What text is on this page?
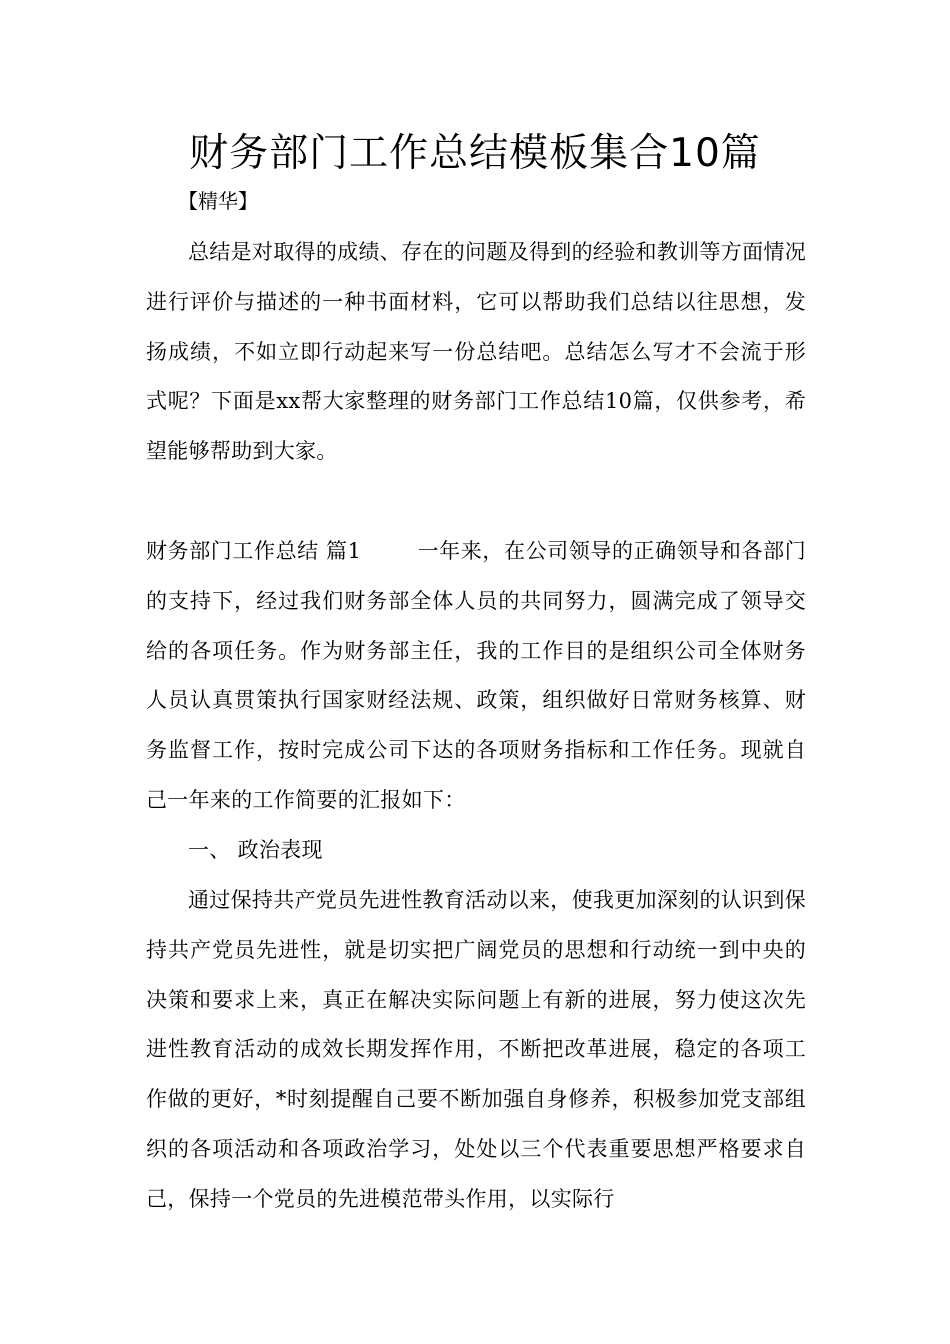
财务部门工作总结模板集合10篇
【精华】

总结是对取得的成绩、存在的问题及得到的经验和教训等方面情况进行评价与描述的一种书面材料，它可以帮助我们总结以往思想，发扬成绩，不如立即行动起来写一份总结吧。总结怎么写才不会流于形式呢？下面是xx帮大家整理的财务部门工作总结10篇，仅供参考，希望能够帮助到大家。

财务部门工作总结 篇1	一年来，在公司领导的正确领导和各部门的支持下，经过我们财务部全体人员的共同努力，圆满完成了领导交给的各项任务。作为财务部主任，我的工作目的是组织公司全体财务人员认真贯策执行国家财经法规、政策，组织做好日常财务核算、财务监督工作，按时完成公司下达的各项财务指标和工作任务。现就自己一年来的工作简要的汇报如下：

一、 政治表现

通过保持共产党员先进性教育活动以来，使我更加深刻的认识到保持共产党员先进性，就是切实把广阔党员的思想和行动统一到中央的决策和要求上来，真正在解决实际问题上有新的进展，努力使这次先进性教育活动的成效长期发挥作用，不断把改革进展，稳定的各项工作做的更好，*时刻提醒自己要不断加强自身修养，积极参加党支部组织的各项活动和各项政治学习，处处以三个代表重要思想严格要求自己，保持一个党员的先进模范带头作用，以实际行
